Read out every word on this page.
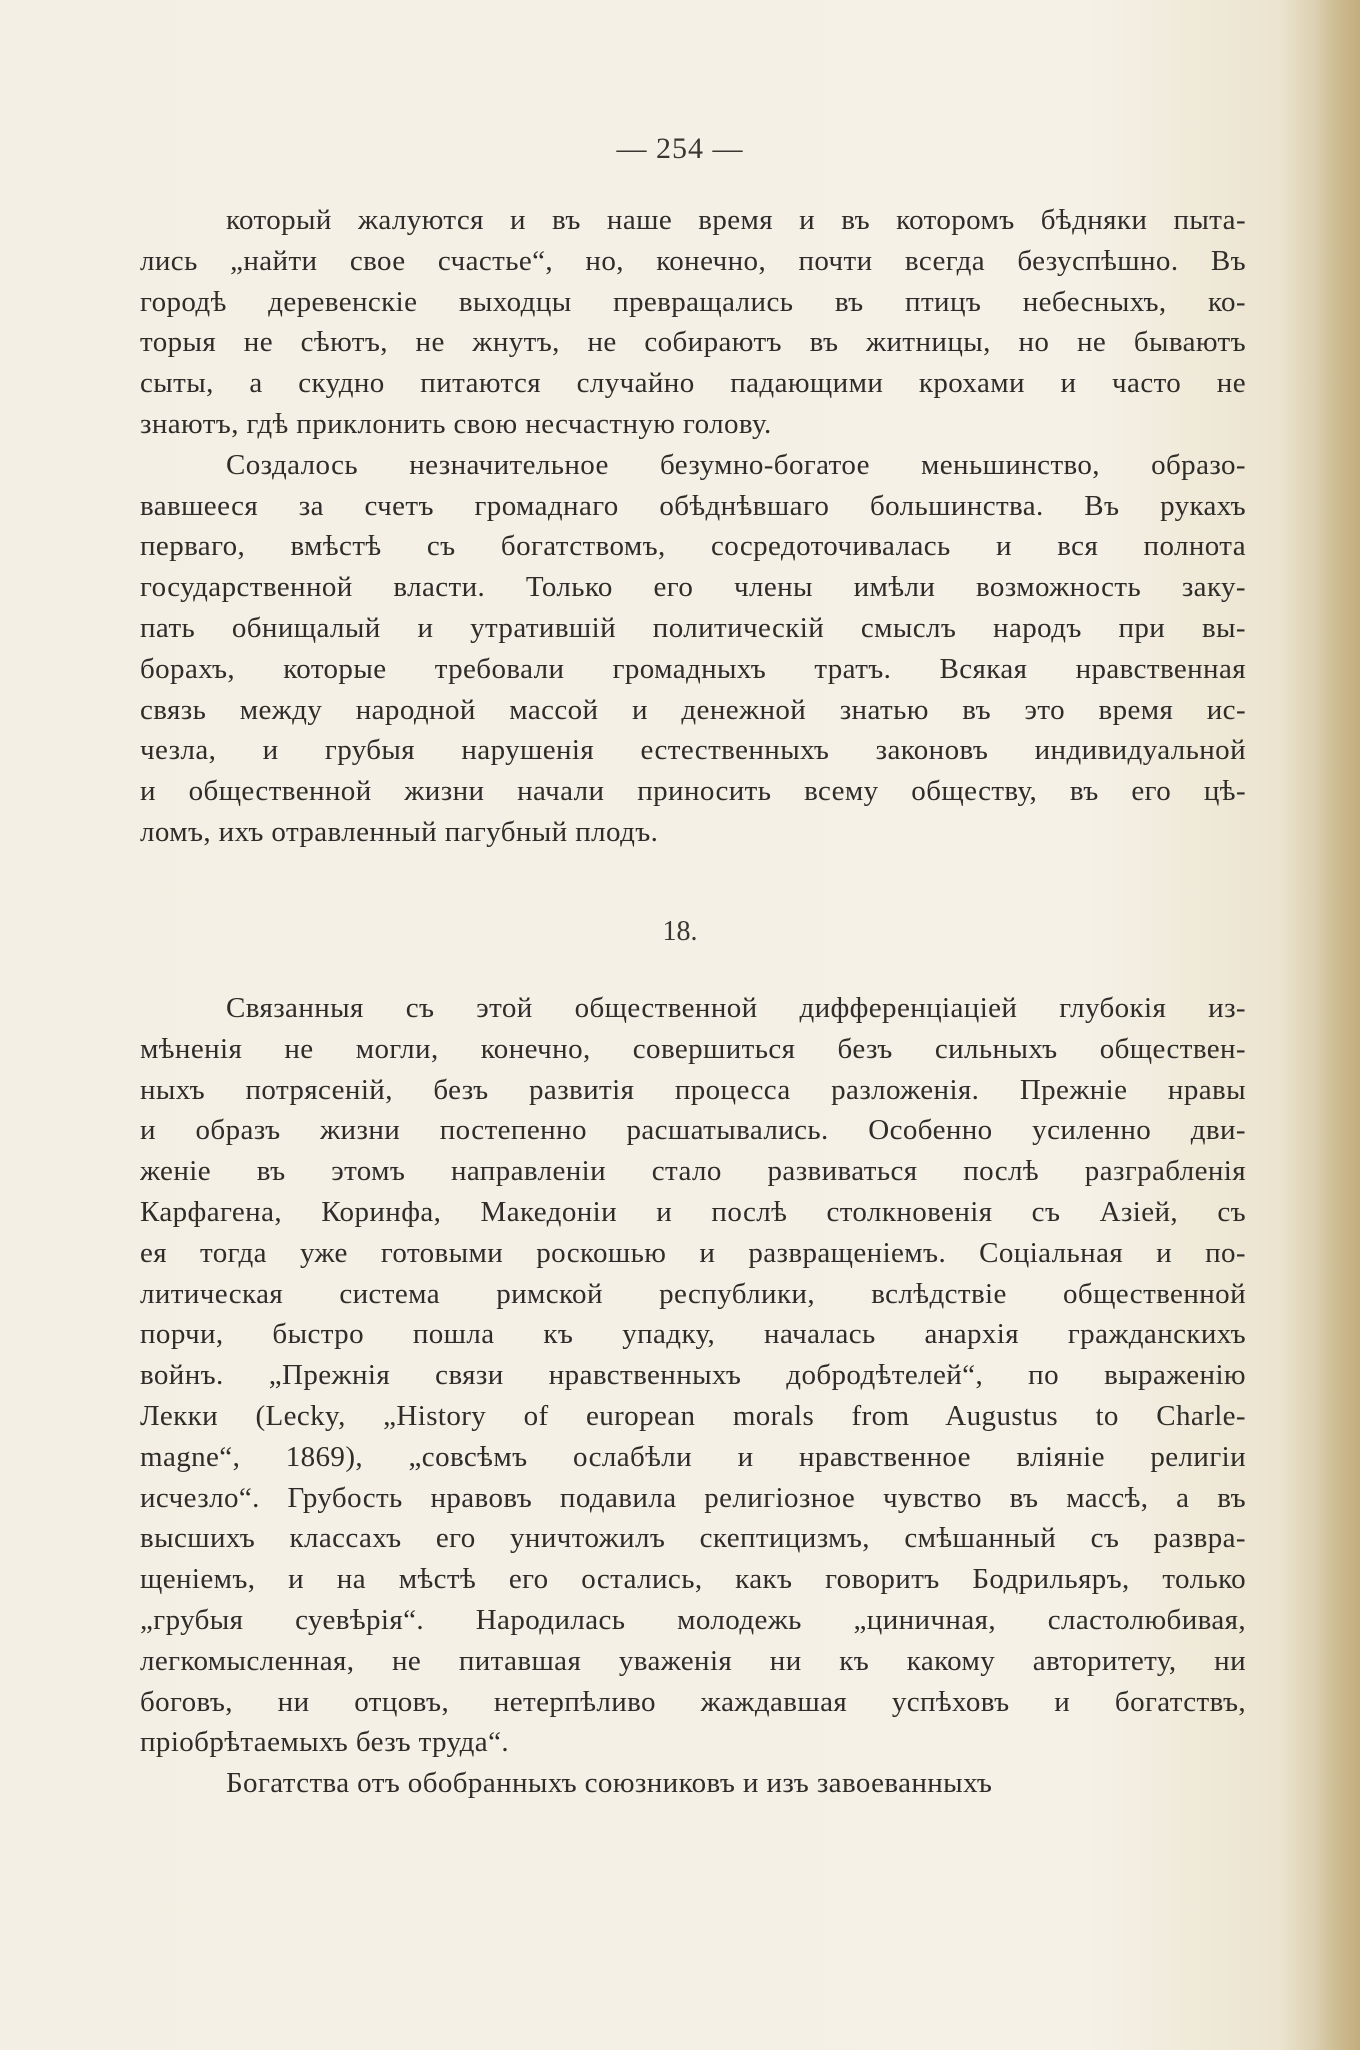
— 254 —
который жалуются и въ наше время и въ которомъ бѣдняки пыта-
лись „найти свое счастье“, но, конечно, почти всегда безуспѣшно. Въ
городѣ деревенскіе выходцы превращались въ птицъ небесныхъ, ко-
торыя не сѣютъ, не жнутъ, не собираютъ въ житницы, но не бываютъ
сыты, а скудно питаются случайно падающими крохами и часто не
знаютъ, гдѣ приклонить свою несчастную голову.
Создалось незначительное безумно-богатое меньшинство, образо-
вавшееся за счетъ громаднаго обѣднѣвшаго большинства. Въ рукахъ
перваго, вмѣстѣ съ богатствомъ, сосредоточивалась и вся полнота
государственной власти. Только его члены имѣли возможность заку-
пать обнищалый и утратившій политическій смыслъ народъ при вы-
борахъ, которые требовали громадныхъ тратъ. Всякая нравственная
связь между народной массой и денежной знатью въ это время ис-
чезла, и грубыя нарушенія естественныхъ законовъ индивидуальной
и общественной жизни начали приносить всему обществу, въ его цѣ-
ломъ, ихъ отравленный пагубный плодъ.
18.
Связанныя съ этой общественной дифференціацiей глубокія из-
мѣненія не могли, конечно, совершиться безъ сильныхъ обществен-
ныхъ потрясеній, безъ развитія процесса разложенія. Прежніе нравы
и образъ жизни постепенно расшатывались. Особенно усиленно дви-
женіе въ этомъ направленіи стало развиваться послѣ разграбленія
Карфагена, Коринфа, Македоніи и послѣ столкновенія съ Азіей, съ
ея тогда уже готовыми роскошью и развращеніемъ. Соціальная и по-
литическая система римской республики, вслѣдствіе общественной
порчи, быстро пошла къ упадку, началась анархія гражданскихъ
войнъ. „Прежнія связи нравственныхъ добродѣтелей“, по выраженію
Лекки (Lecky, „History of european morals from Augustus to Charle-
magne“, 1869), „совсѣмъ ослабѣли и нравственное вліяніе религіи
исчезло“. Грубость нравовъ подавила религіозное чувство въ массѣ, а въ
высшихъ классахъ его уничтожилъ скептицизмъ, смѣшанный съ развра-
щеніемъ, и на мѣстѣ его остались, какъ говоритъ Бодрильяръ, только
„грубыя суевѣрія“. Народилась молодежь „циничная, сластолюбивая,
легкомысленная, не питавшая уваженія ни къ какому авторитету, ни
боговъ, ни отцовъ, нетерпѣливо жаждавшая успѣховъ и богатствъ,
пріобрѣтаемыхъ безъ труда“.
Богатства отъ обобранныхъ союзниковъ и изъ завоеванныхъ
